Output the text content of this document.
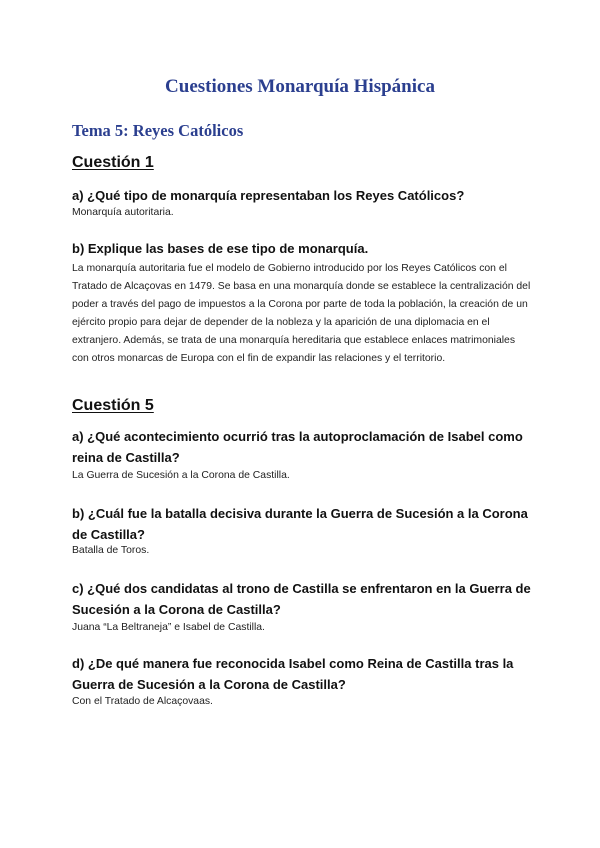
Cuestiones Monarquía Hispánica
Tema 5: Reyes Católicos
Cuestión 1

a) ¿Qué tipo de monarquía representaban los Reyes Católicos?

Monarquía autoritaria.

b) Explique las bases de ese tipo de monarquía.

La monarquía autoritaria fue el modelo de Gobierno introducido por los Reyes Católicos con el Tratado de Alcaçovas en 1479. Se basa en una monarquía donde se establece la centralización del poder a través del pago de impuestos a la Corona por parte de toda la población, la creación de un ejército propio para dejar de depender de la nobleza y la aparición de una diplomacia en el extranjero. Además, se trata de una monarquía hereditaria que establece enlaces matrimoniales con otros monarcas de Europa con el fin de expandir las relaciones y el territorio.

Cuestión 5

a) ¿Qué acontecimiento ocurrió tras la autoproclamación de Isabel como reina de Castilla?

La Guerra de Sucesión a la Corona de Castilla.

b) ¿Cuál fue la batalla decisiva durante la Guerra de Sucesión a la Corona de Castilla?

Batalla de Toros.

c) ¿Qué dos candidatas al trono de Castilla se enfrentaron en la Guerra de Sucesión a la Corona de Castilla?

Juana “La Beltraneja” e Isabel de Castilla.

d) ¿De qué manera fue reconocida Isabel como Reina de Castilla tras la Guerra de Sucesión a la Corona de Castilla?

Con el Tratado de Alcaçovaas.
